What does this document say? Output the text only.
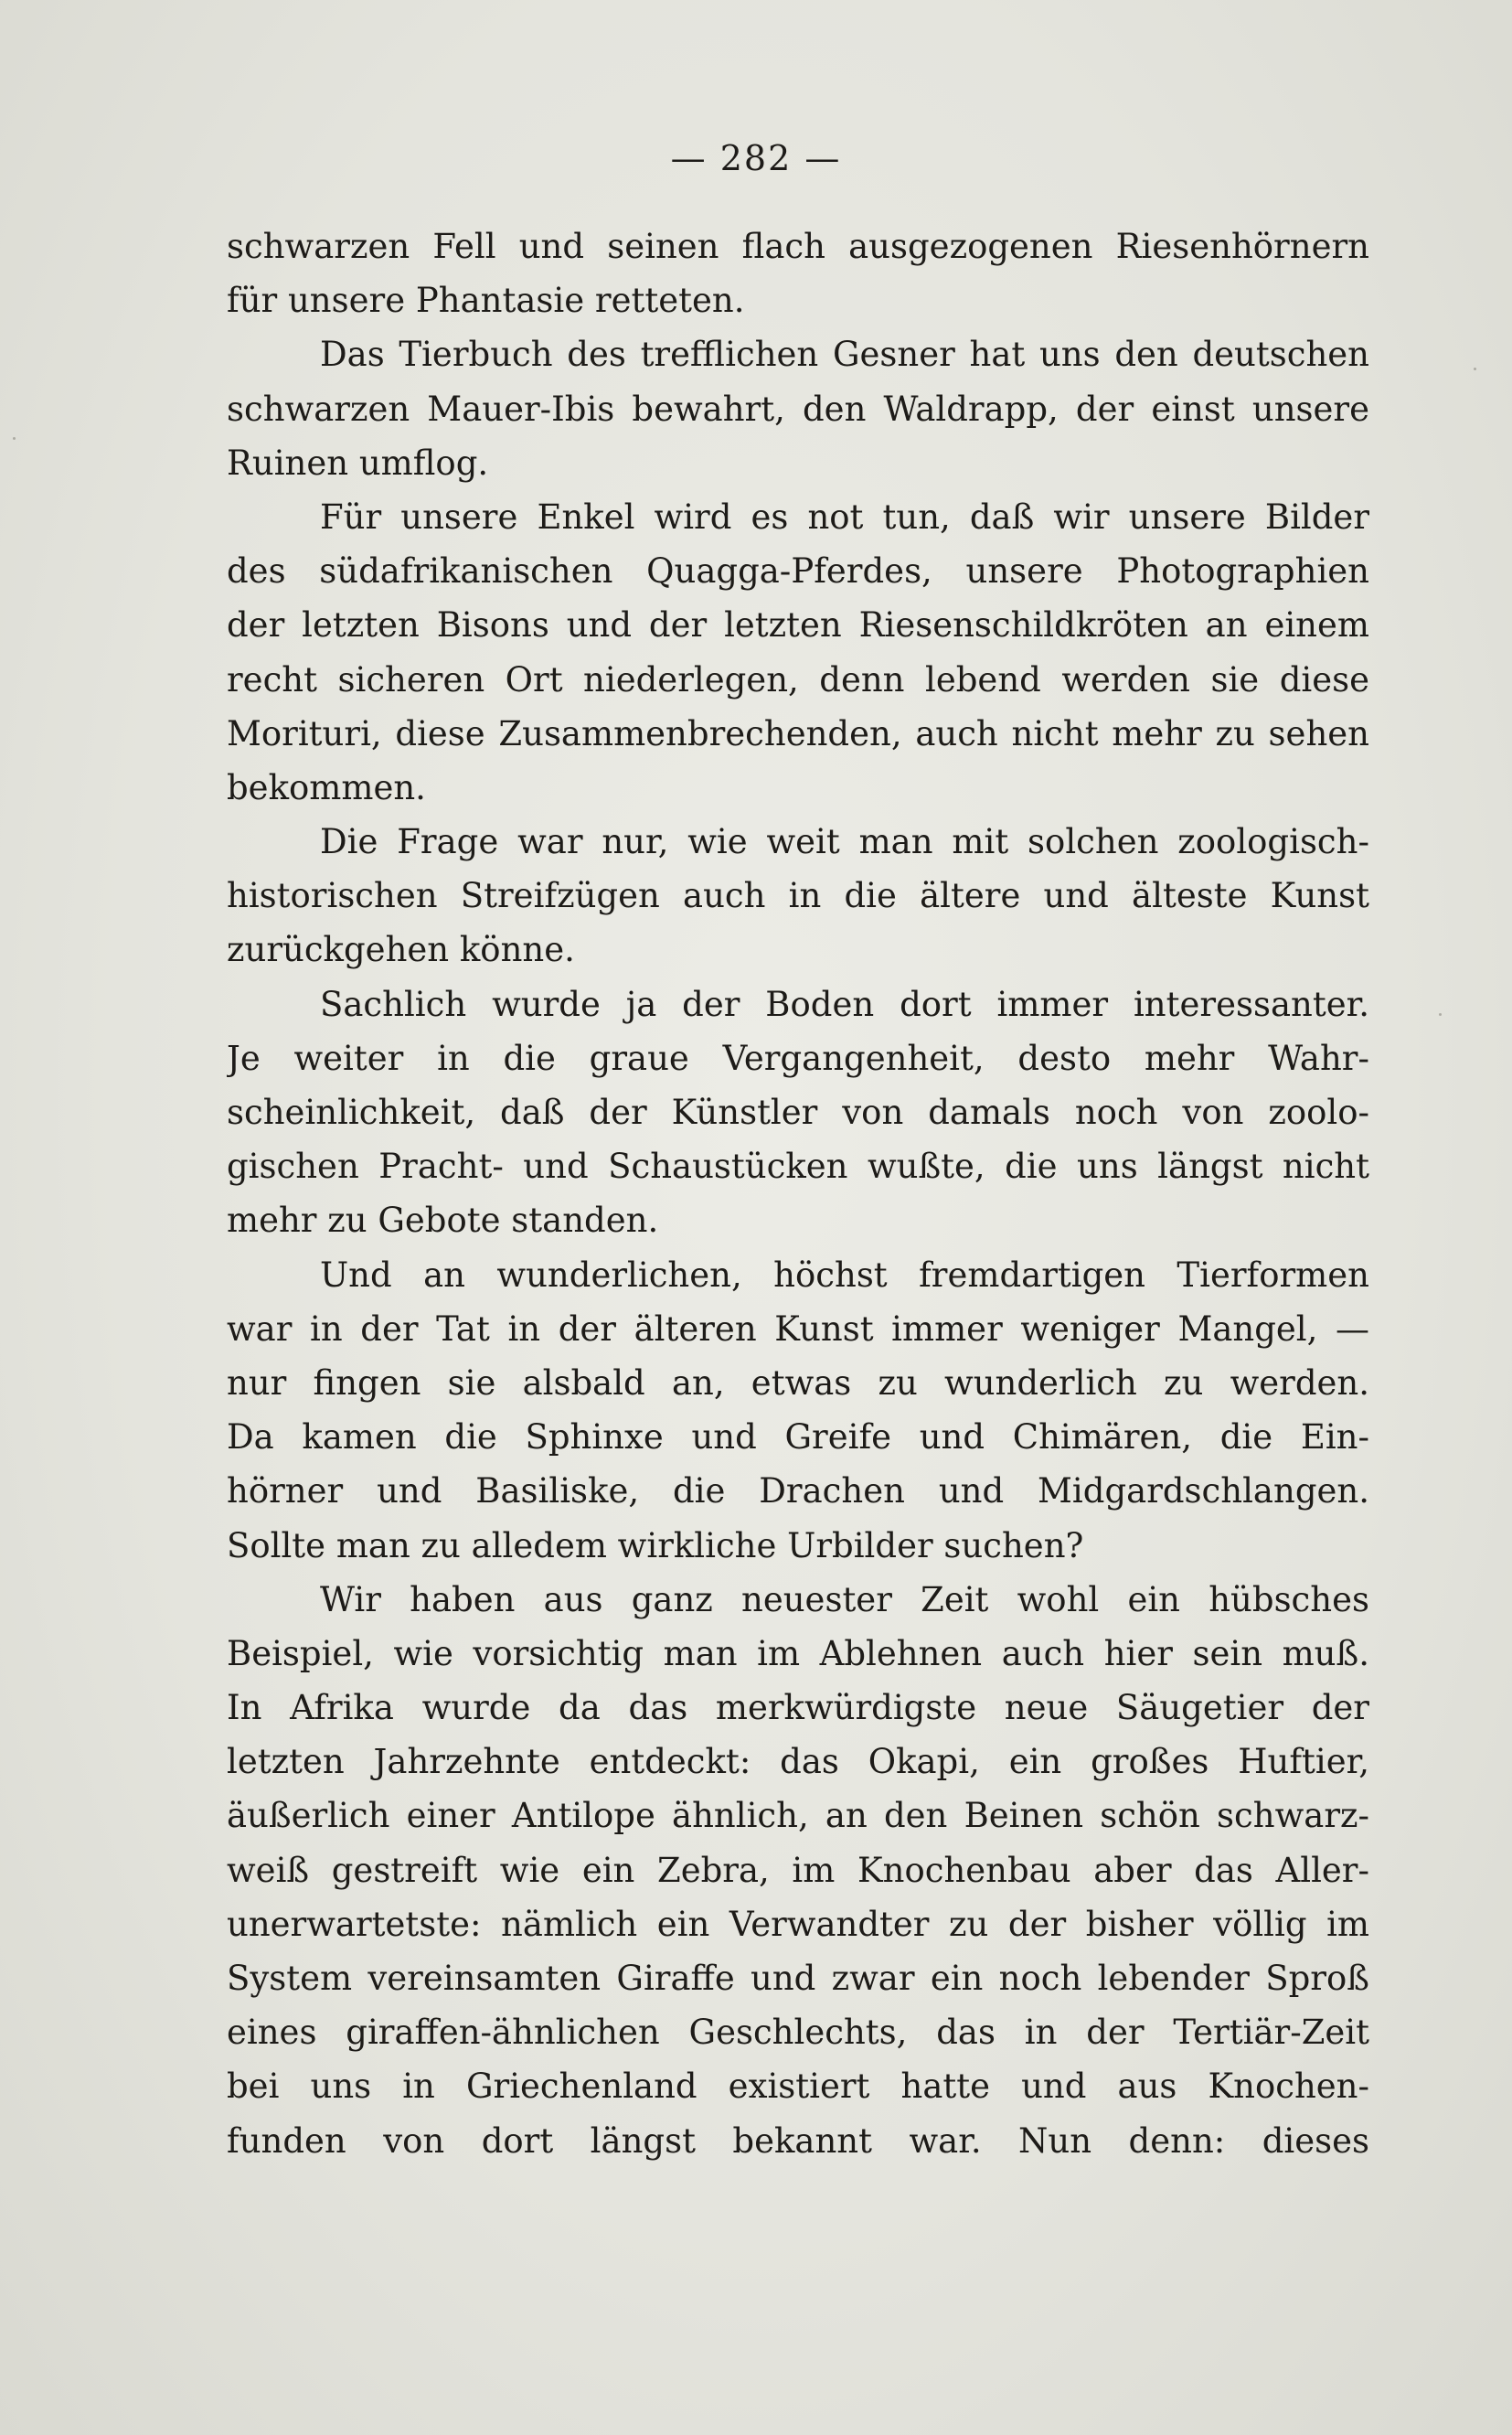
— 282 —
schwarzen Fell und seinen flach ausgezogenen Riesenhörnern
für unsere Phantasie retteten.
Das Tierbuch des trefflichen Gesner hat uns den deutschen
schwarzen Mauer-Ibis bewahrt, den Waldrapp, der einst unsere
Ruinen umflog.
Für unsere Enkel wird es not tun, daß wir unsere Bilder
des südafrikanischen Quagga-Pferdes, unsere Photographien
der letzten Bisons und der letzten Riesenschildkröten an einem
recht sicheren Ort niederlegen, denn lebend werden sie diese
Morituri, diese Zusammenbrechenden, auch nicht mehr zu sehen
bekommen.
Die Frage war nur, wie weit man mit solchen zoologisch-
historischen Streifzügen auch in die ältere und älteste Kunst
zurückgehen könne.
Sachlich wurde ja der Boden dort immer interessanter.
Je weiter in die graue Vergangenheit, desto mehr Wahr-
scheinlichkeit, daß der Künstler von damals noch von zoolo-
gischen Pracht- und Schaustücken wußte, die uns längst nicht
mehr zu Gebote standen.
Und an wunderlichen, höchst fremdartigen Tierformen
war in der Tat in der älteren Kunst immer weniger Mangel, —
nur fingen sie alsbald an, etwas zu wunderlich zu werden.
Da kamen die Sphinxe und Greife und Chimären, die Ein-
hörner und Basiliske, die Drachen und Midgardschlangen.
Sollte man zu alledem wirkliche Urbilder suchen?
Wir haben aus ganz neuester Zeit wohl ein hübsches
Beispiel, wie vorsichtig man im Ablehnen auch hier sein muß.
In Afrika wurde da das merkwürdigste neue Säugetier der
letzten Jahrzehnte entdeckt: das Okapi, ein großes Huftier,
äußerlich einer Antilope ähnlich, an den Beinen schön schwarz-
weiß gestreift wie ein Zebra, im Knochenbau aber das Aller-
unerwartetste: nämlich ein Verwandter zu der bisher völlig im
System vereinsamten Giraffe und zwar ein noch lebender Sproß
eines giraffen-ähnlichen Geschlechts, das in der Tertiär-Zeit
bei uns in Griechenland existiert hatte und aus Knochen-
funden von dort längst bekannt war. Nun denn: dieses
